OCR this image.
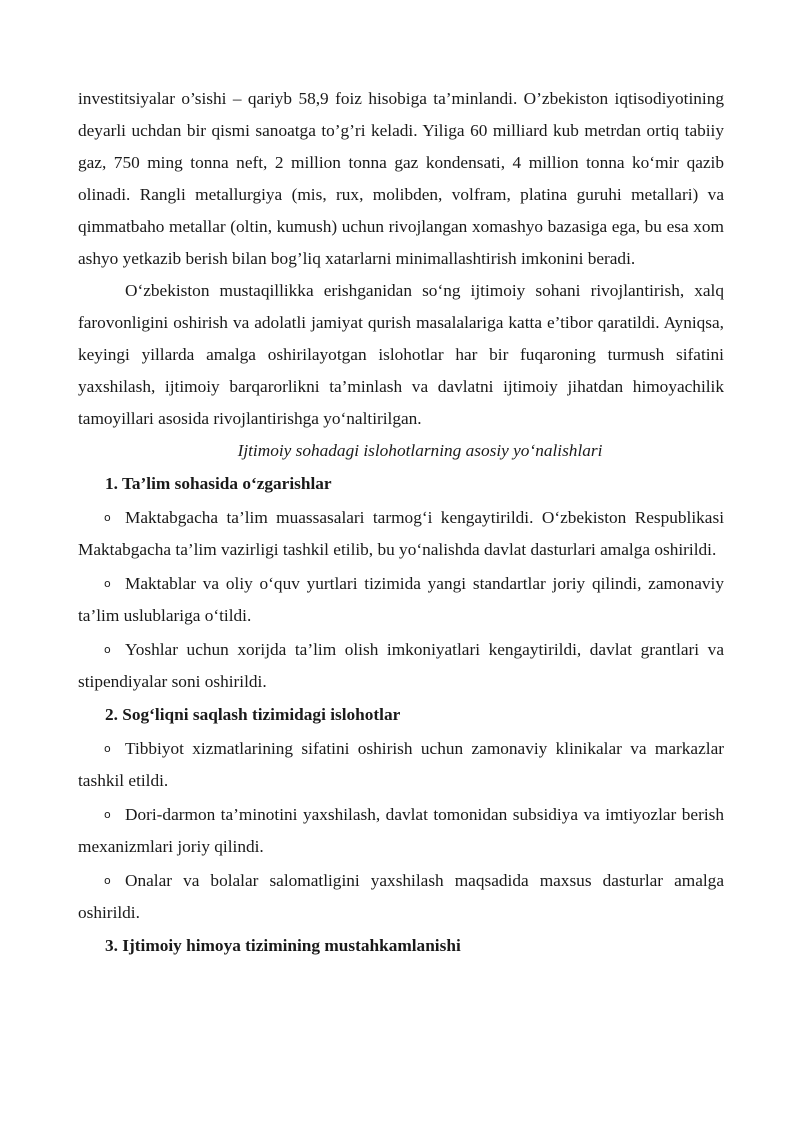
investitsiyalar o’sishi – qariyb 58,9 foiz hisobiga ta’minlandi. O’zbekiston iqtisodiyotining deyarli uchdan bir qismi sanoatga to’g’ri keladi. Yiliga 60 milliard kub metrdan ortiq tabiiy gaz, 750 ming tonna neft, 2 million tonna gaz kondensati, 4 million tonna ko‘mir qazib olinadi. Rangli metallurgiya (mis, rux, molibden, volfram, platina guruhi metallari) va qimmatbaho metallar (oltin, kumush) uchun rivojlangan xomashyo bazasiga ega, bu esa xom ashyo yetkazib berish bilan bog’liq xatarlarni minimallashtirish imkonini beradi.

O‘zbekiston mustaqillikka erishganidan so‘ng ijtimoiy sohani rivojlantirish, xalq farovonligini oshirish va adolatli jamiyat qurish masalalariga katta e’tibor qaratildi. Ayniqsa, keyingi yillarda amalga oshirilayotgan islohotlar har bir fuqaroning turmush sifatini yaxshilash, ijtimoiy barqarorlikni ta’minlash va davlatni ijtimoiy jihatdan himoyachilik tamoyillari asosida rivojlantirishga yo‘naltirilgan.

Ijtimoiy sohadagi islohotlarning asosiy yo‘nalishlari

1. Ta’lim sohasida o‘zgarishlar

o Maktabgacha ta’lim muassasalari tarmog‘i kengaytirildi. O‘zbekiston Respublikasi Maktabgacha ta’lim vazirligi tashkil etilib, bu yo‘nalishda davlat dasturlari amalga oshirildi.

o Maktablar va oliy o‘quv yurtlari tizimida yangi standartlar joriy qilindi, zamonaviy ta’lim uslublariga o‘tildi.

o Yoshlar uchun xorijda ta’lim olish imkoniyatlari kengaytirildi, davlat grantlari va stipendiyalar soni oshirildi.

2. Sog‘liqni saqlash tizimidagi islohotlar

o Tibbiyot xizmatlarining sifatini oshirish uchun zamonaviy klinikalar va markazlar tashkil etildi.

o Dori-darmon ta’minotini yaxshilash, davlat tomonidan subsidiya va imtiyozlar berish mexanizmlari joriy qilindi.

o Onalar va bolalar salomatligini yaxshilash maqsadida maxsus dasturlar amalga oshirildi.

3. Ijtimoiy himoya tizimining mustahkamlanishi
